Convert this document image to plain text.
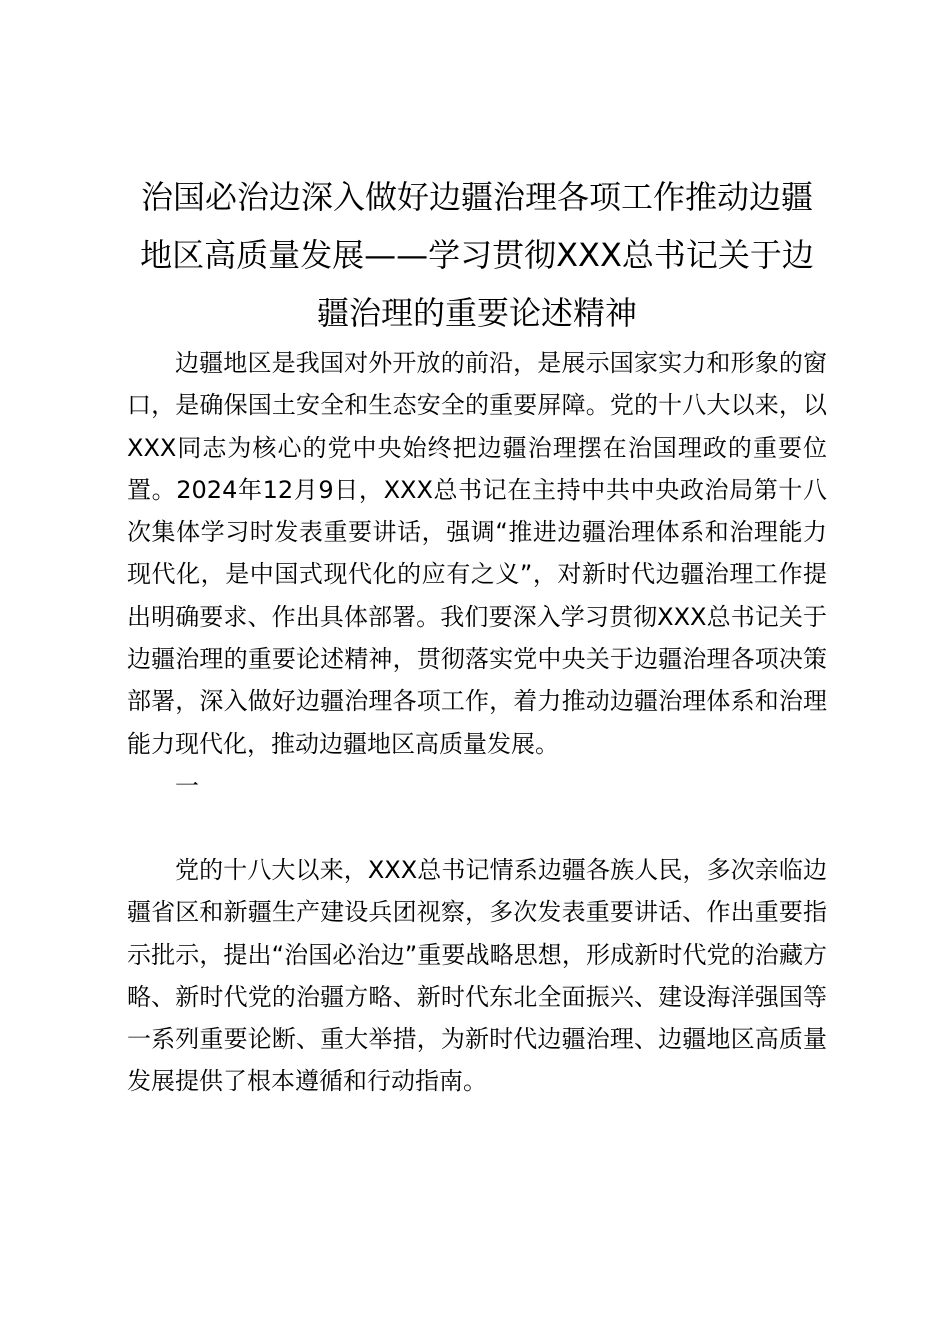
治国必治边深入做好边疆治理各项工作推动边疆地区高质量发展——学习贯彻XXX总书记关于边疆治理的重要论述精神

边疆地区是我国对外开放的前沿，是展示国家实力和形象的窗口，是确保国土安全和生态安全的重要屏障。党的十八大以来，以XXX同志为核心的党中央始终把边疆治理摆在治国理政的重要位置。2024年12月9日，XXX总书记在主持中共中央政治局第十八次集体学习时发表重要讲话，强调“推进边疆治理体系和治理能力现代化，是中国式现代化的应有之义”，对新时代边疆治理工作提出明确要求、作出具体部署。我们要深入学习贯彻XXX总书记关于边疆治理的重要论述精神，贯彻落实党中央关于边疆治理各项决策部署，深入做好边疆治理各项工作，着力推动边疆治理体系和治理能力现代化，推动边疆地区高质量发展。

一

党的十八大以来，XXX总书记情系边疆各族人民，多次亲临边疆省区和新疆生产建设兵团视察，多次发表重要讲话、作出重要指示批示，提出“治国必治边”重要战略思想，形成新时代党的治藏方略、新时代党的治疆方略、新时代东北全面振兴、建设海洋强国等一系列重要论断、重大举措，为新时代边疆治理、边疆地区高质量发展提供了根本遵循和行动指南。
